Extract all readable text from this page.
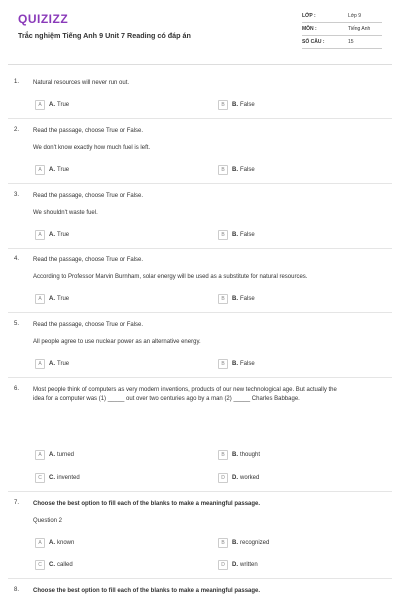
QUIZIZZ
Trắc nghiệm Tiếng Anh 9 Unit 7 Reading có đáp án
LỚP :	Lớp 9
MÔN :	Tiếng Anh
SỐ CÂU :	15
1. Natural resources will never run out.
A	A. True	B	B. False
2. Read the passage, choose True or False.
We don't know exactly how much fuel is left.
A	A. True	B	B. False
3. Read the passage, choose True or False.
We shouldn't waste fuel.
A	A. True	B	B. False
4. Read the passage, choose True or False.
According to Professor Marvin Burnham, solar energy will be used as a substitute for natural resources.
A	A. True	B	B. False
5. Read the passage, choose True or False.
All people agree to use nuclear power as an alternative energy.
A	A. True	B	B. False
6. Most people think of computers as very modern inventions, products of our new technological age. But actually the
idea for a computer was (1) _____ out over two centuries ago by a man (2) _____ Charles Babbage.
A	A. turned	B	B. thought
C	C. invented	D	D. worked
7. Choose the best option to fill each of the blanks to make a meaningful passage.
Question 2
A	A. known	B	B. recognized
C	C. called	D	D. written
8. Choose the best option to fill each of the blanks to make a meaningful passage.
